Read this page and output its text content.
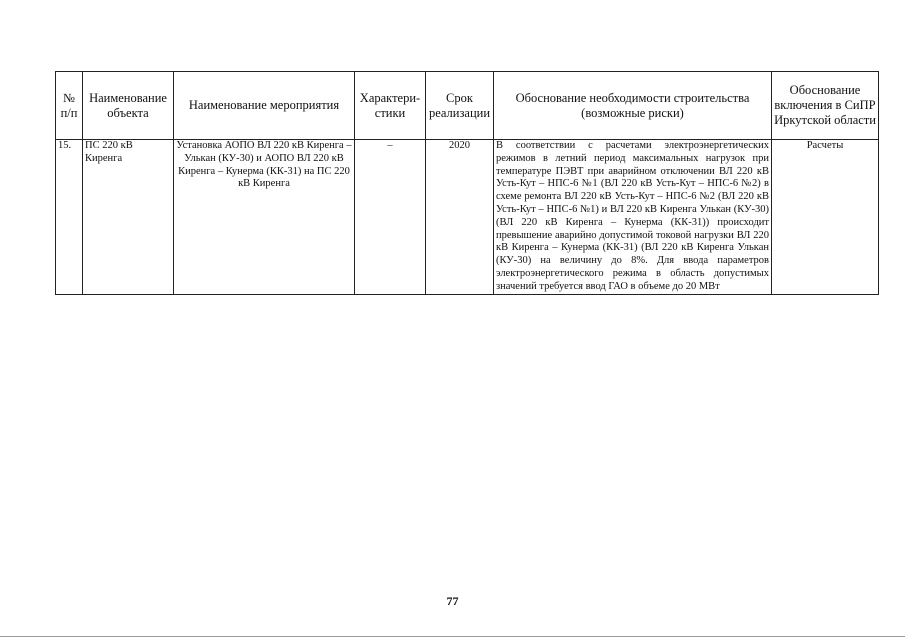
№ п/п	Наименование объекта	Наименование мероприятия	Характери-стики	Срок реализации	Обоснование необходимости строительства (возможные риски)	Обоснование включения в СиПР Иркутской области
15.	ПС 220 кВ Киренга	Установка АОПО ВЛ 220 кВ Киренга – Улькан (КУ-30) и АОПО ВЛ 220 кВ Киренга – Кунерма (КК-31) на ПС 220 кВ Киренга	–	2020	В соответствии с расчетами электроэнергетических режимов в летний период максимальных нагрузок при температуре ПЭВТ при аварийном отключении ВЛ 220 кВ Усть-Кут – НПС-6 №1 (ВЛ 220 кВ Усть-Кут – НПС-6 №2) в схеме ремонта ВЛ 220 кВ Усть-Кут – НПС-6 №2 (ВЛ 220 кВ Усть-Кут – НПС-6 №1) и ВЛ 220 кВ Киренга Улькан (КУ-30) (ВЛ 220 кВ Киренга – Кунерма (КК-31)) происходит превышение аварийно допустимой токовой нагрузки ВЛ 220 кВ Киренга – Кунерма (КК-31) (ВЛ 220 кВ Киренга Улькан (КУ-30) на величину до 8%. Для ввода параметров электроэнергетического режима в область допустимых значений требуется ввод ГАО в объеме до 20 МВт	Расчеты
77
